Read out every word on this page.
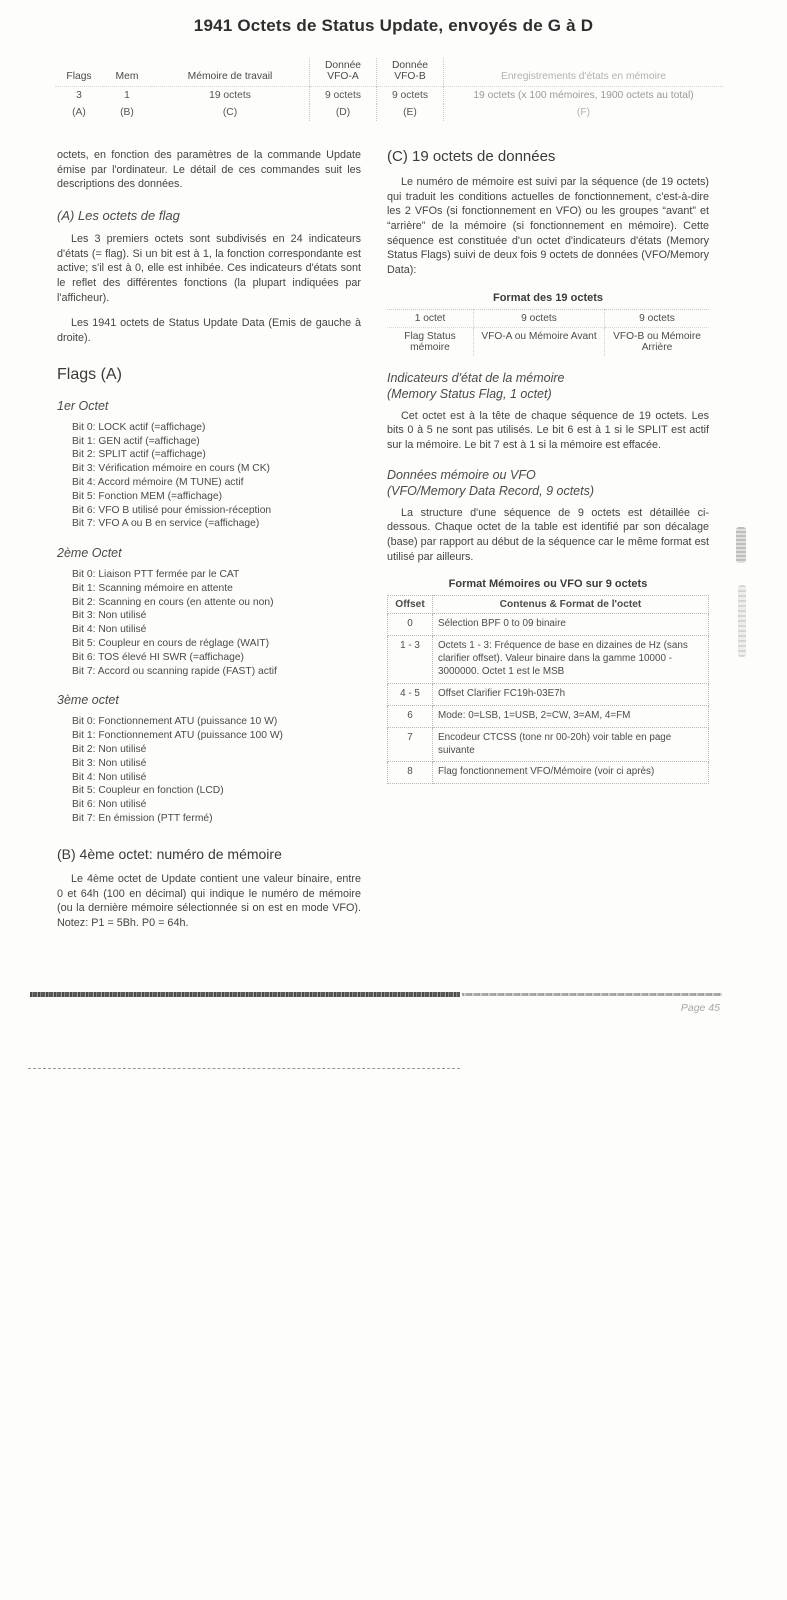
1941 Octets de Status Update, envoyés de G à D
Flags	Mem	Mémoire de travail	Donnée VFO-A	Donnée VFO-B	Enregistrements d'états en mémoire
3	1	19 octets	9 octets	9 octets	19 octets (x 100 mémoires, 1900 octets au total)
(A)	(B)	(C)	(D)	(E)	(F)

octets, en fonction des paramètres de la commande Update émise par l'ordinateur. Le détail de ces commandes suit les descriptions des données.

(A) Les octets de flag

Les 3 premiers octets sont subdivisés en 24 indicateurs d'états (= flag). Si un bit est à 1, la fonction correspondante est active; s'il est à 0, elle est inhibée. Ces indicateurs d'états sont le reflet des différentes fonctions (la plupart indiquées par l'afficheur).

Les 1941 octets de Status Update Data (Emis de gauche à droite).

Flags (A)
1er Octet
Bit 0: LOCK actif (=affichage)
Bit 1: GEN actif (=affichage)
Bit 2: SPLIT actif (=affichage)
Bit 3: Vérification mémoire en cours (M CK)
Bit 4: Accord mémoire (M TUNE) actif
Bit 5: Fonction MEM (=affichage)
Bit 6: VFO B utilisé pour émission-réception
Bit 7: VFO A ou B en service (=affichage)
2ème Octet
Bit 0: Liaison PTT fermée par le CAT
Bit 1: Scanning mémoire en attente
Bit 2: Scanning en cours (en attente ou non)
Bit 3: Non utilisé
Bit 4: Non utilisé
Bit 5: Coupleur en cours de réglage (WAIT)
Bit 6: TOS élevé HI SWR (=affichage)
Bit 7: Accord ou scanning rapide (FAST) actif
3ème octet
Bit 0: Fonctionnement ATU (puissance 10 W)
Bit 1: Fonctionnement ATU (puissance 100 W)
Bit 2: Non utilisé
Bit 3: Non utilisé
Bit 4: Non utilisé
Bit 5: Coupleur en fonction (LCD)
Bit 6: Non utilisé
Bit 7: En émission (PTT fermé)
(B) 4ème octet: numéro de mémoire

Le 4ème octet de Update contient une valeur binaire, entre 0 et 64h (100 en décimal) qui indique le numéro de mémoire (ou la dernière mémoire sélectionnée si on est en mode VFO). Notez: P1 = 5Bh. P0 = 64h.

(C) 19 octets de données

Le numéro de mémoire est suivi par la séquence (de 19 octets) qui traduit les conditions actuelles de fonctionnement, c'est-à-dire les 2 VFOs (si fonctionnement en VFO) ou les groupes “avant” et “arrière” de la mémoire (si fonctionnement en mémoire). Cette séquence est constituée d'un octet d'indicateurs d'états (Memory Status Flags) suivi de deux fois 9 octets de données (VFO/Memory Data):

Format des 19 octets
1 octet	9 octets	9 octets
Flag Status mémoire	VFO-A ou Mémoire Avant	VFO-B ou Mémoire Arrière
Indicateurs d'état de la mémoire
(Memory Status Flag, 1 octet)

Cet octet est à la tête de chaque séquence de 19 octets. Les bits 0 à 5 ne sont pas utilisés. Le bit 6 est à 1 si le SPLIT est actif sur la mémoire. Le bit 7 est à 1 si la mémoire est effacée.

Données mémoire ou VFO
(VFO/Memory Data Record, 9 octets)

La structure d'une séquence de 9 octets est détaillée ci-dessous. Chaque octet de la table est identifié par son décalage (base) par rapport au début de la séquence car le même format est utilisé par ailleurs.

Format Mémoires ou VFO sur 9 octets
Offset	Contenus & Format de l'octet
0	Sélection BPF 0 to 09 binaire
1 - 3	Octets 1 - 3: Fréquence de base en dizaines de Hz (sans clarifier offset). Valeur binaire dans la gamme 10000 - 3000000. Octet 1 est le MSB
4 - 5	Offset Clarifier FC19h-03E7h
6	Mode: 0=LSB, 1=USB, 2=CW, 3=AM, 4=FM
7	Encodeur CTCSS (tone nr 00-20h) voir table en page suivante
8	Flag fonctionnement VFO/Mémoire (voir ci après)
Page 45
